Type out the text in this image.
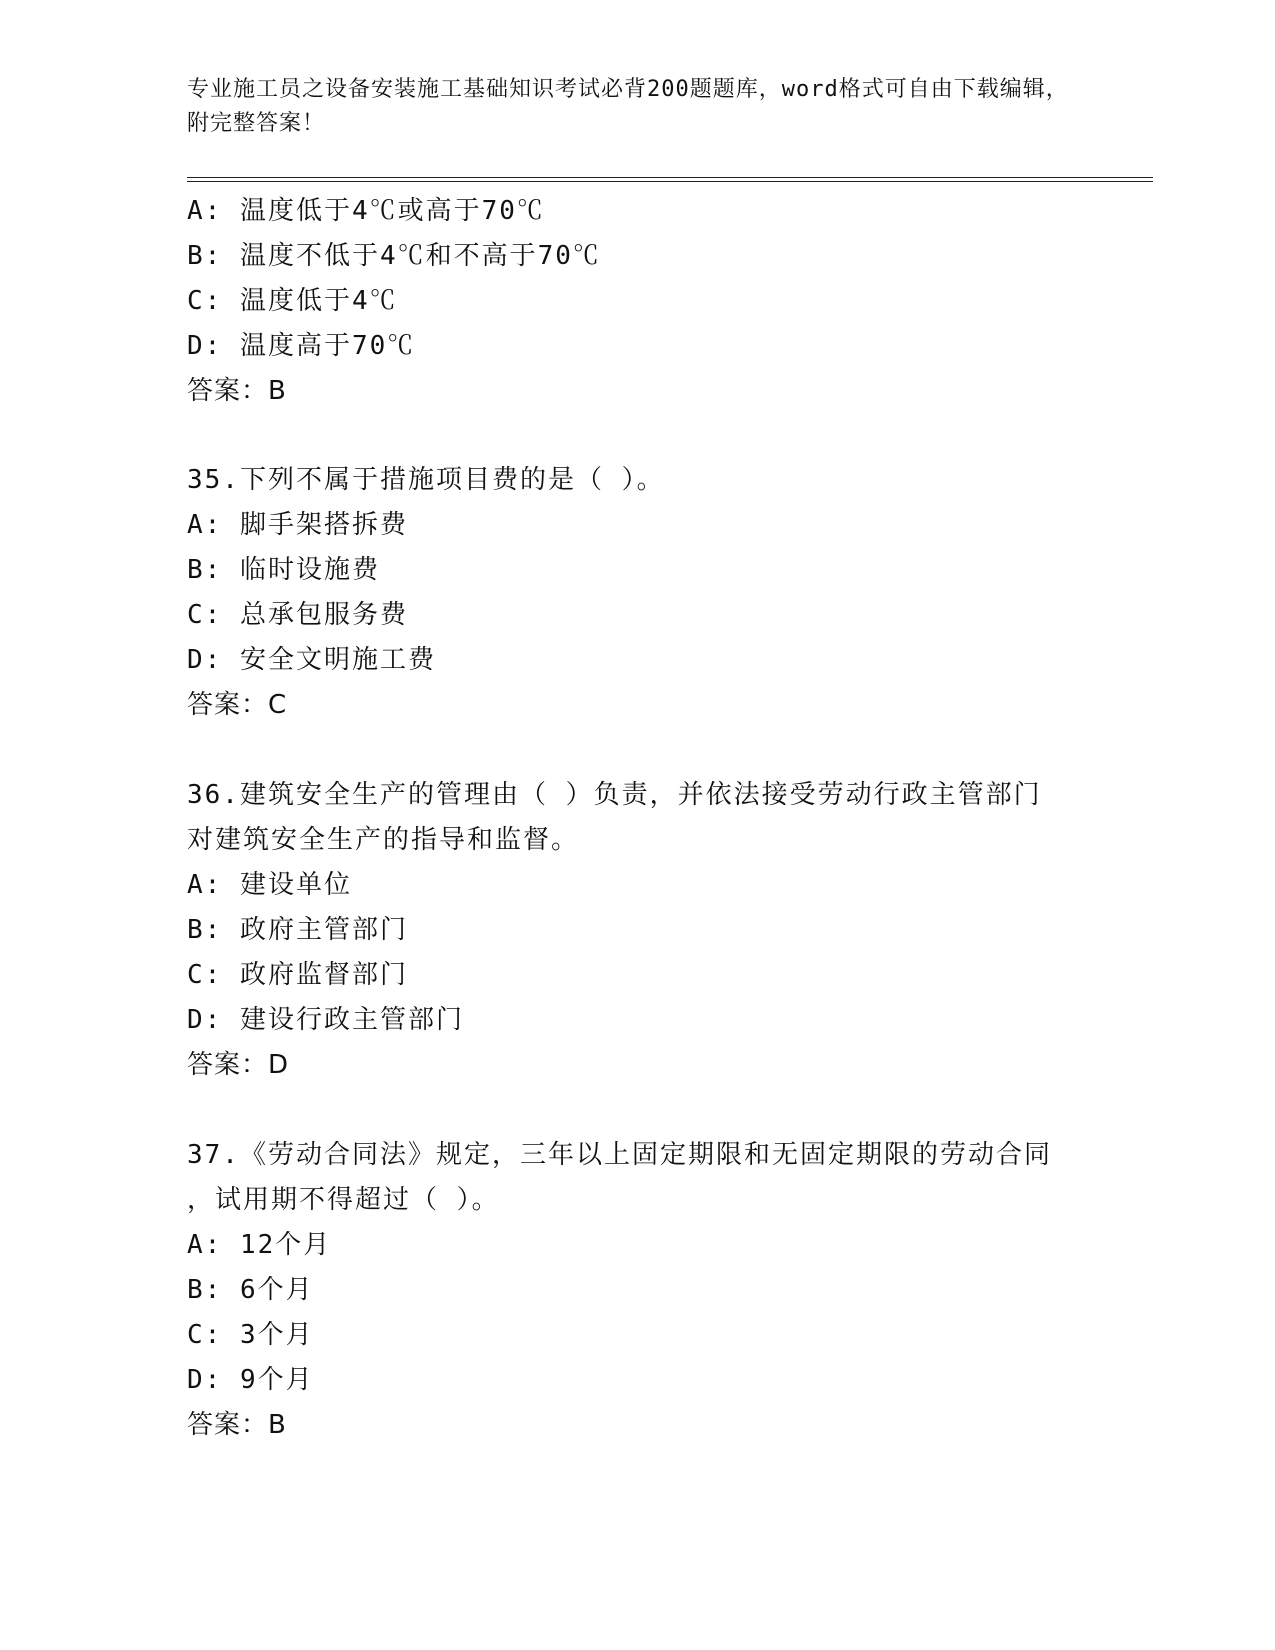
专业施工员之设备安装施工基础知识考试必背200题题库，word格式可自由下载编辑，附完整答案！
A: 温度低于4℃或高于70℃
B: 温度不低于4℃和不高于70℃
C: 温度低于4℃
D: 温度高于70℃
答案：B
35.下列不属于措施项目费的是（ ）。
A: 脚手架搭拆费
B: 临时设施费
C: 总承包服务费
D: 安全文明施工费
答案：C
36.建筑安全生产的管理由（ ）负责，并依法接受劳动行政主管部门
对建筑安全生产的指导和监督。
A: 建设单位
B: 政府主管部门
C: 政府监督部门
D: 建设行政主管部门
答案：D
37.《劳动合同法》规定，三年以上固定期限和无固定期限的劳动合同
，试用期不得超过（ ）。
A: 12个月
B: 6个月
C: 3个月
D: 9个月
答案：B
